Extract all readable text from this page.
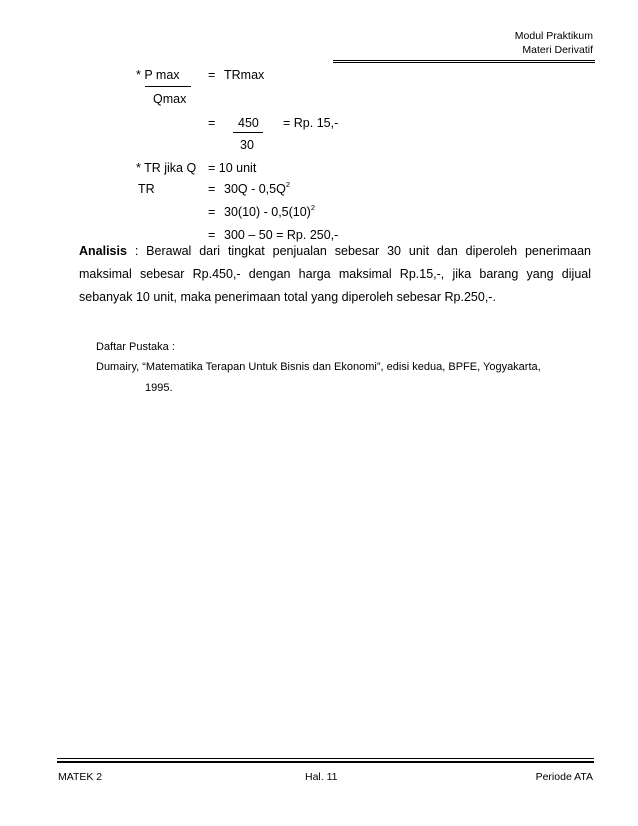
Modul Praktikum
Materi Derivatif
* P max = TRmax
Qmax
= 450 = Rp. 15,-
30
* TR jika Q = 10 unit
TR	= $30Q - 0,5Q^2$
= $30(10) - 0,5(10)^2$
= 300 – 50 = Rp. 250,-
Analisis : Berawal dari tingkat penjualan sebesar 30 unit dan diperoleh penerimaan
maksimal sebesar Rp.450,- dengan harga maksimal Rp.15,-, jika barang yang dijual
sebanyak 10 unit, maka penerimaan total yang diperoleh sebesar Rp.250,-.
Daftar Pustaka :
Dumairy, “Matematika Terapan Untuk Bisnis dan Ekonomi”, edisi kedua, BPFE, Yogyakarta,
1995.
MATEK 2	Hal. 11	Periode ATA
